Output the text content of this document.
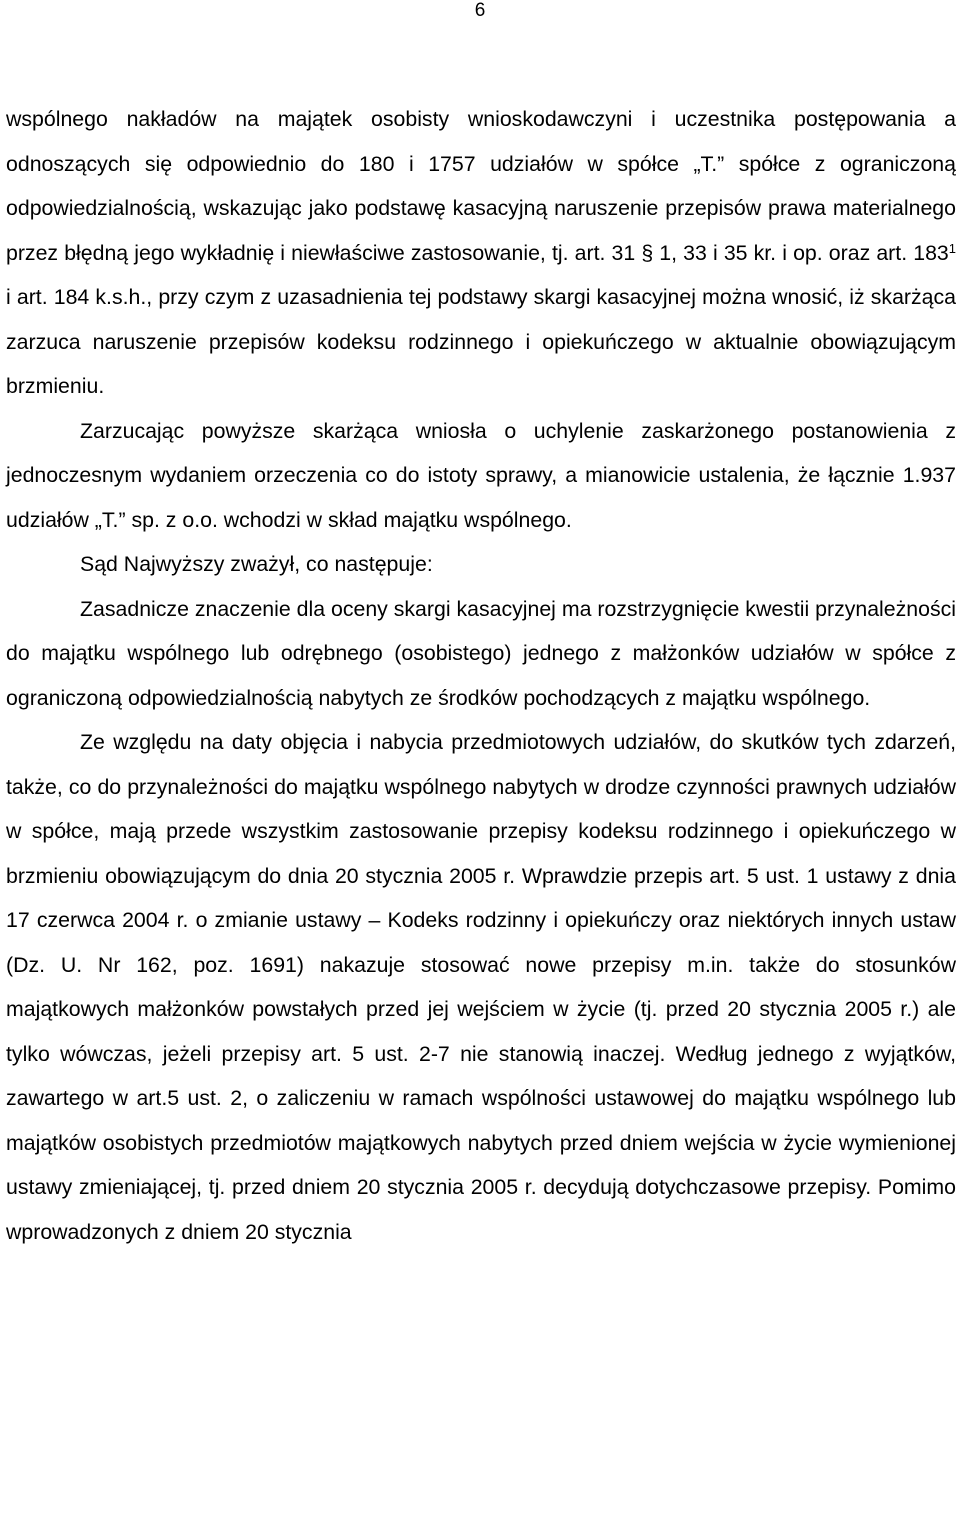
6

wspólnego nakładów na majątek osobisty wnioskodawczyni i uczestnika postępowania a odnoszących się odpowiednio do 180 i 1757 udziałów w spółce „T.” spółce z ograniczoną odpowiedzialnością, wskazując jako podstawę kasacyjną naruszenie przepisów prawa materialnego przez błędną jego wykładnię i niewłaściwe zastosowanie, tj. art. 31 § 1, 33 i 35 kr. i op. oraz art. $183^1$ i art. 184 k.s.h., przy czym z uzasadnienia tej podstawy skargi kasacyjnej można wnosić, iż skarżąca zarzuca naruszenie przepisów kodeksu rodzinnego i opiekuńczego w aktualnie obowiązującym brzmieniu.

Zarzucając powyższe skarżąca wniosła o uchylenie zaskarżonego postanowienia z jednoczesnym wydaniem orzeczenia co do istoty sprawy, a mianowicie ustalenia, że łącznie 1.937 udziałów „T.” sp. z o.o. wchodzi w skład majątku wspólnego.

Sąd Najwyższy zważył, co następuje:

Zasadnicze znaczenie dla oceny skargi kasacyjnej ma rozstrzygnięcie kwestii przynależności do majątku wspólnego lub odrębnego (osobistego) jednego z małżonków udziałów w spółce z ograniczoną odpowiedzialnością nabytych ze środków pochodzących z majątku wspólnego.

Ze względu na daty objęcia i nabycia przedmiotowych udziałów, do skutków tych zdarzeń, także, co do przynależności do majątku wspólnego nabytych w drodze czynności prawnych udziałów w spółce, mają przede wszystkim zastosowanie przepisy kodeksu rodzinnego i opiekuńczego w brzmieniu obowiązującym do dnia 20 stycznia 2005 r. Wprawdzie przepis art. 5 ust. 1 ustawy z dnia 17 czerwca 2004 r. o zmianie ustawy – Kodeks rodzinny i opiekuńczy oraz niektórych innych ustaw (Dz. U. Nr 162, poz. 1691) nakazuje stosować nowe przepisy m.in. także do stosunków majątkowych małżonków powstałych przed jej wejściem w życie (tj. przed 20 stycznia 2005 r.) ale tylko wówczas, jeżeli przepisy art. 5 ust. 2-7 nie stanowią inaczej. Według jednego z wyjątków, zawartego w art.5 ust. 2, o zaliczeniu w ramach wspólności ustawowej do majątku wspólnego lub majątków osobistych przedmiotów majątkowych nabytych przed dniem wejścia w życie wymienionej ustawy zmieniającej, tj. przed dniem 20 stycznia 2005 r. decydują dotychczasowe przepisy. Pomimo wprowadzonych z dniem 20 stycznia
